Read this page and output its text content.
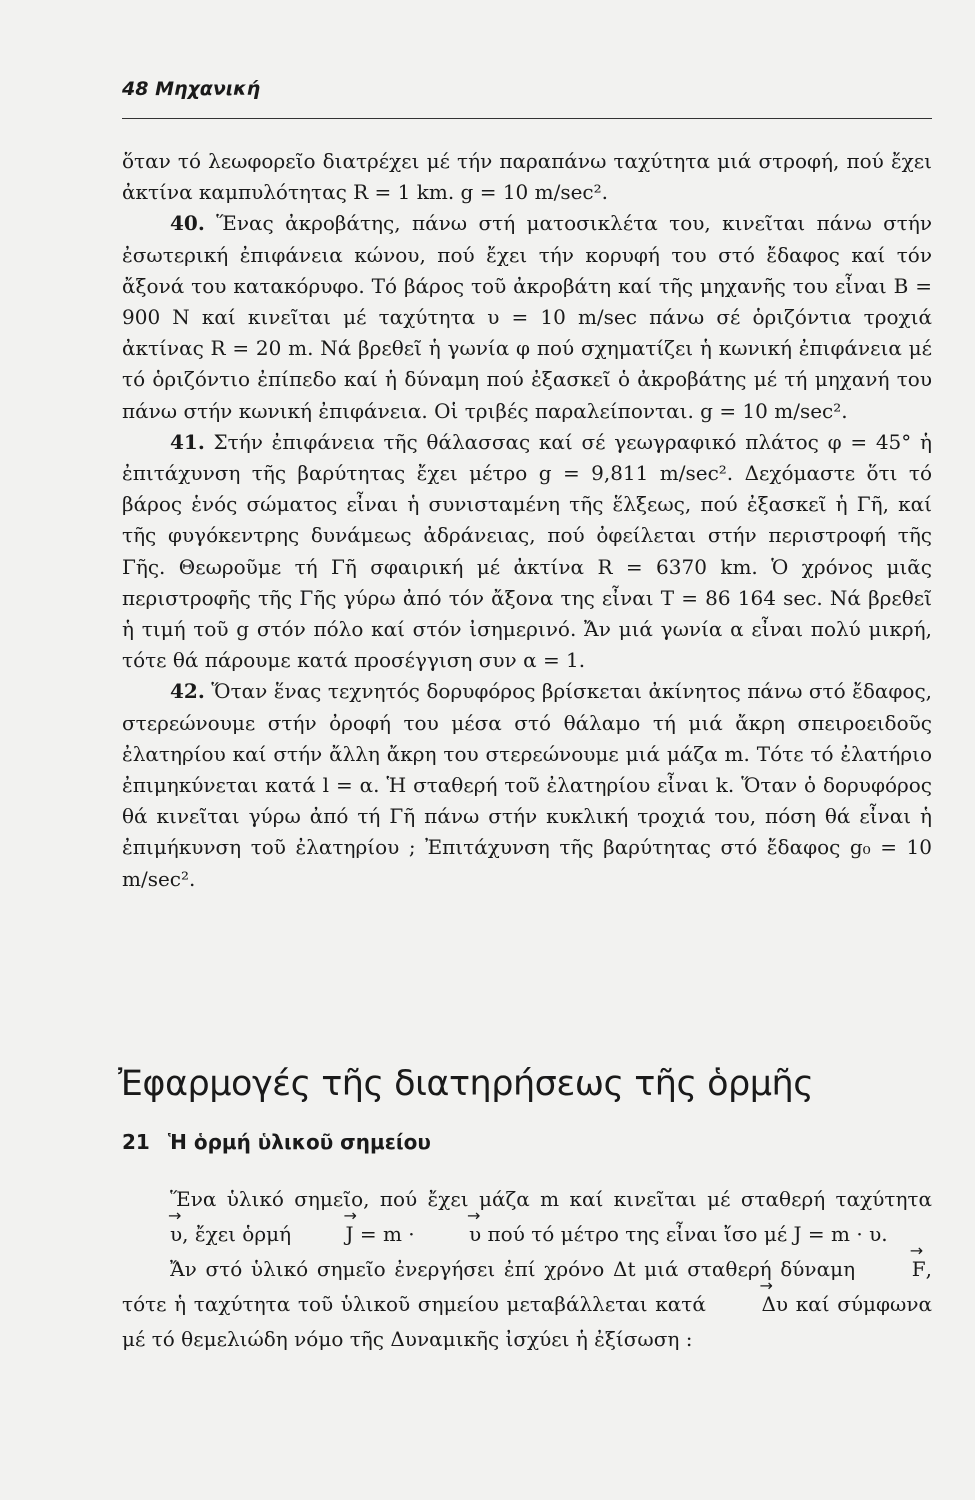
48 Μηχανική

ὅταν τό λεωφορεῖο διατρέχει μέ τήν παραπάνω ταχύτητα μιά στροφή, πού ἔχει ἀκτίνα καμπυλότητας R = 1 km. g = 10 m/sec².

40. Ἕνας ἀκροβάτης, πάνω στή ματοσικλέτα του, κινεῖται πάνω στήν ἐσωτερική ἐπιφάνεια κώνου, πού ἔχει τήν κορυφή του στό ἔδαφος καί τόν ἄξονά του κατακόρυφο. Τό βάρος τοῦ ἀκροβάτη καί τῆς μηχανῆς του εἶναι B = 900 N καί κινεῖται μέ ταχύτητα υ = 10 m/sec πάνω σέ ὁριζόντια τροχιά ἀκτίνας R = 20 m. Νά βρεθεῖ ἡ γωνία φ πού σχηματίζει ἡ κωνική ἐπιφάνεια μέ τό ὁριζόντιο ἐπίπεδο καί ἡ δύναμη πού ἐξασκεῖ ὁ ἀκροβάτης μέ τή μηχανή του πάνω στήν κωνική ἐπιφάνεια. Οἱ τριβές παραλείπονται. g = 10 m/sec².

41. Στήν ἐπιφάνεια τῆς θάλασσας καί σέ γεωγραφικό πλάτος φ = 45° ἡ ἐπιτάχυνση τῆς βαρύτητας ἔχει μέτρο g = 9,811 m/sec². Δεχόμαστε ὅτι τό βάρος ἑνός σώματος εἶναι ἡ συνισταμένη τῆς ἕλξεως, πού ἐξασκεῖ ἡ Γῆ, καί τῆς φυγόκεντρης δυνάμεως ἀδράνειας, πού ὀφείλεται στήν περιστροφή τῆς Γῆς. Θεωροῦμε τή Γῆ σφαιρική μέ ἀκτίνα R = 6370 km. Ὁ χρόνος μιᾶς περιστροφῆς τῆς Γῆς γύρω ἀπό τόν ἄξονα της εἶναι T = 86 164 sec. Νά βρεθεῖ ἡ τιμή τοῦ g στόν πόλο καί στόν ἰσημερινό. Ἄν μιά γωνία α εἶναι πολύ μικρή, τότε θά πάρουμε κατά προσέγγιση συν α = 1.

42. Ὅταν ἕνας τεχνητός δορυφόρος βρίσκεται ἀκίνητος πάνω στό ἔδαφος, στερεώνουμε στήν ὀροφή του μέσα στό θάλαμο τή μιά ἄκρη σπειροειδοῦς ἐλατηρίου καί στήν ἄλλη ἄκρη του στερεώνουμε μιά μάζα m. Τότε τό ἐλατήριο ἐπιμηκύνεται κατά l = α. Ἡ σταθερή τοῦ ἐλατηρίου εἶναι k. Ὅταν ὁ δορυφόρος θά κινεῖται γύρω ἀπό τή Γῆ πάνω στήν κυκλική τροχιά του, πόση θά εἶναι ἡ ἐπιμήκυνση τοῦ ἐλατηρίου ; Ἐπιτάχυνση τῆς βαρύτητας στό ἔδαφος g₀ = 10 m/sec².

Ἐφαρμογές τῆς διατηρήσεως τῆς ὁρμῆς
21 Ἡ ὁρμή ὑλικοῦ σημείου

Ἕνα ὑλικό σημεῖο, πού ἔχει μάζα m καί κινεῖται μέ σταθερή ταχύτητα → υ, ἔχει ὁρμή → J = m · → υ πού τό μέτρο της εἶναι ἴσο μέ J = m · υ.

Ἄν στό ὑλικό σημεῖο ἐνεργήσει ἐπί χρόνο Δt μιά σταθερή δύναμη → F, τότε ἡ ταχύτητα τοῦ ὑλικοῦ σημείου μεταβάλλεται κατά → Δυ καί σύμφωνα μέ τό θεμελιώδη νόμο τῆς Δυναμικῆς ἰσχύει ἡ ἐξίσωση :
